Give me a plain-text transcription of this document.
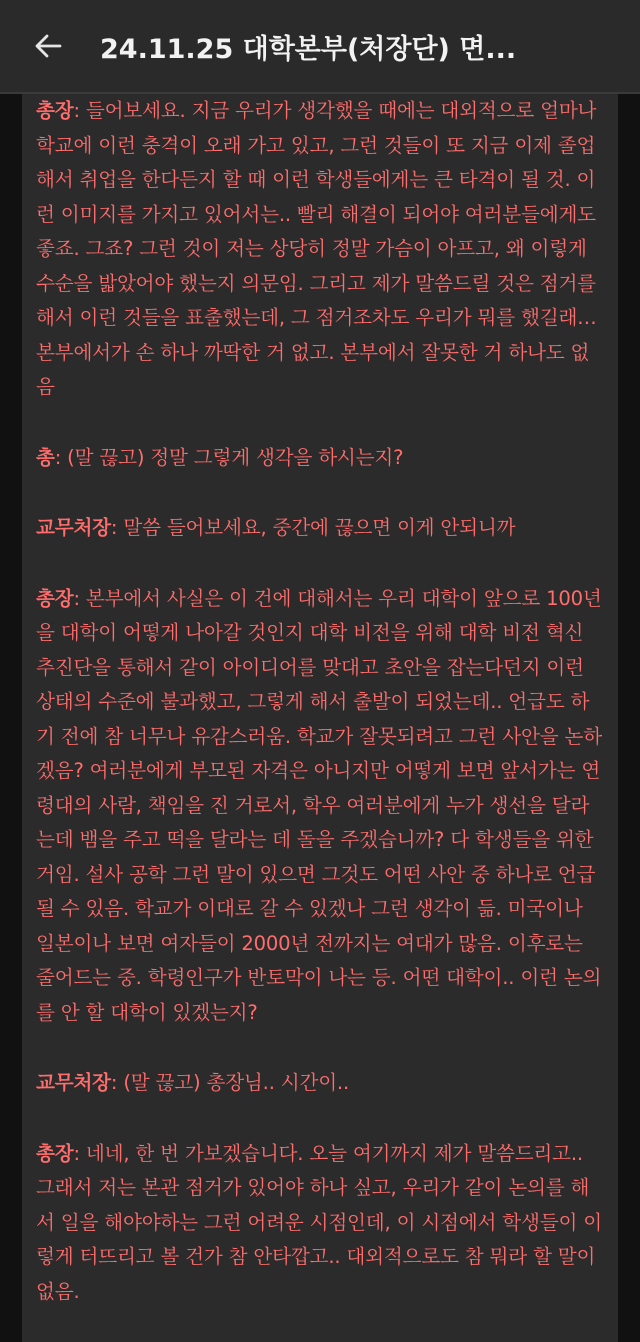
24.11.25 대학본부(처장단) 면...

총장: 들어보세요. 지금 우리가 생각했을 때에는 대외적으로 얼마나 학교에 이런 충격이 오래 가고 있고, 그런 것들이 또 지금 이제 졸업해서 취업을 한다든지 할 때 이런 학생들에게는 큰 타격이 될 것. 이런 이미지를 가지고 있어서는.. 빨리 해결이 되어야 여러분들에게도 좋죠. 그죠? 그런 것이 저는 상당히 정말 가슴이 아프고, 왜 이렇게 수순을 밟았어야 했는지 의문임. 그리고 제가 말씀드릴 것은 점거를 해서 이런 것들을 표출했는데, 그 점거조차도 우리가 뭐를 했길래… 본부에서가 손 하나 까딱한 거 없고. 본부에서 잘못한 거 하나도 없음

총: (말 끊고) 정말 그렇게 생각을 하시는지?

교무처장: 말씀 들어보세요, 중간에 끊으면 이게 안되니까

총장: 본부에서 사실은 이 건에 대해서는 우리 대학이 앞으로 100년을 대학이 어떻게 나아갈 것인지 대학 비전을 위해 대학 비전 혁신 추진단을 통해서 같이 아이디어를 맞대고 초안을 잡는다던지 이런 상태의 수준에 불과했고, 그렇게 해서 출발이 되었는데.. 언급도 하기 전에 참 너무나 유감스러움. 학교가 잘못되려고 그런 사안을 논하겠음? 여러분에게 부모된 자격은 아니지만 어떻게 보면 앞서가는 연령대의 사람, 책임을 진 거로서, 학우 여러분에게 누가 생선을 달라는데 뱀을 주고 떡을 달라는 데 돌을 주겠습니까? 다 학생들을 위한 거임. 설사 공학 그런 말이 있으면 그것도 어떤 사안 중 하나로 언급될 수 있음. 학교가 이대로 갈 수 있겠나 그런 생각이 듦. 미국이나 일본이나 보면 여자들이 2000년 전까지는 여대가 많음. 이후로는 줄어드는 중. 학령인구가 반토막이 나는 등. 어떤 대학이.. 이런 논의를 안 할 대학이 있겠는지?

교무처장: (말 끊고) 총장님.. 시간이..

총장: 네네, 한 번 가보겠습니다. 오늘 여기까지 제가 말씀드리고.. 그래서 저는 본관 점거가 있어야 하나 싶고, 우리가 같이 논의를 해서 일을 해야야하는 그런 어려운 시점인데, 이 시점에서 학생들이 이렇게 터뜨리고 볼 건가 참 안타깝고.. 대외적으로도 참 뭐라 할 말이 없음.
